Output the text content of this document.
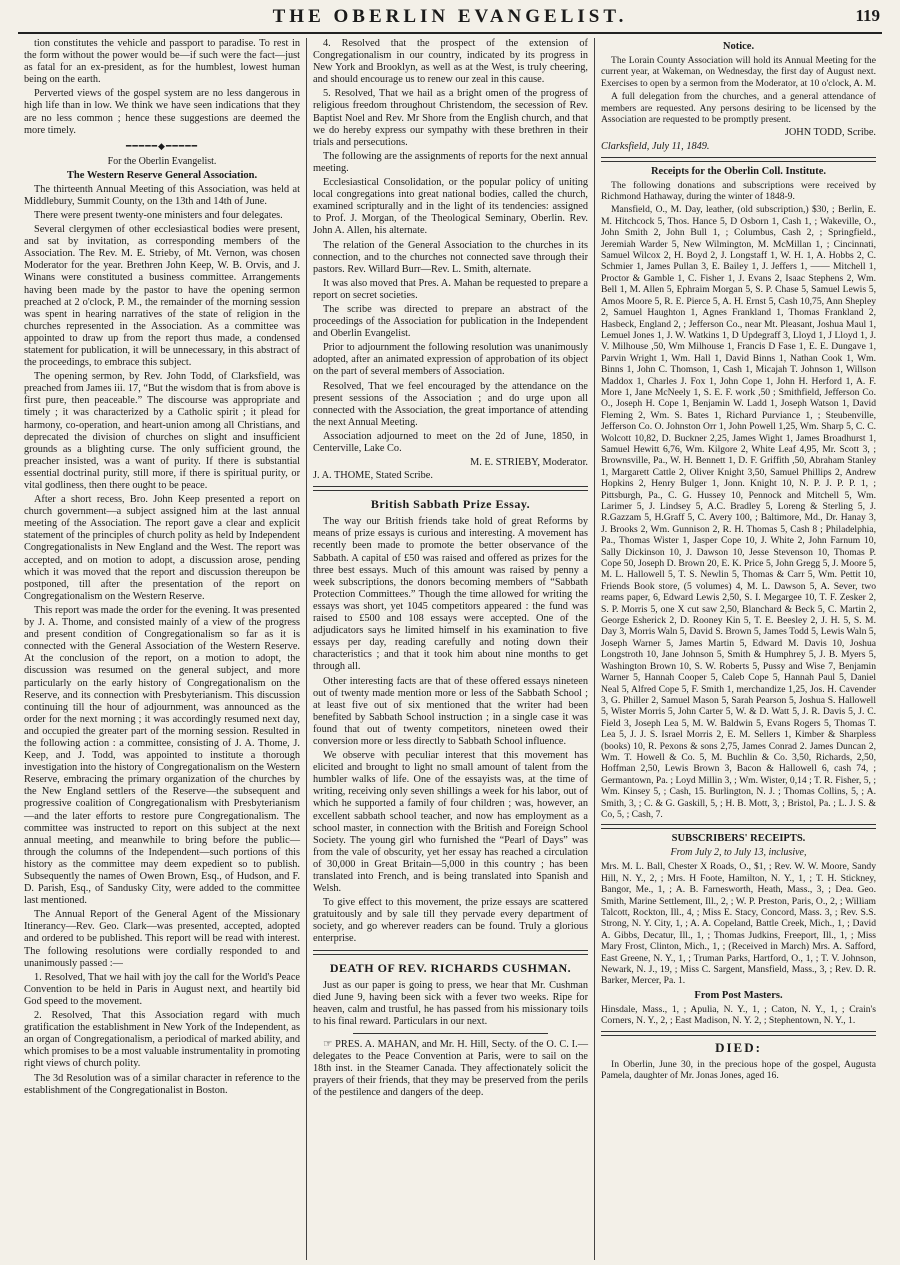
THE OBERLIN EVANGELIST.	119

tion constitutes the vehicle and passport to paradise. To rest in the form without the power would be—if such were the fact—just as fatal for an ex-president, as for the humblest, lowest human being on the earth.

Perverted views of the gospel system are no less dangerous in high life than in low. We think we have seen indications that they are no less common ; hence these suggestions are deemed the more timely.

━━━━━◆━━━━━
For the Oberlin Evangelist.
The Western Reserve General Association.

The thirteenth Annual Meeting of this Association, was held at Middlebury, Summit County, on the 13th and 14th of June.

There were present twenty-one ministers and four delegates.

Several clergymen of other ecclesiastical bodies were present, and sat by invitation, as corresponding members of the Association. The Rev. M. E. Strieby, of Mt. Vernon, was chosen Moderator for the year. Brethren John Keep, W. B. Orvis, and J. Winans were constituted a business committee. Arrangements having been made by the pastor to have the opening sermon preached at 2 o'clock, P. M., the remainder of the morning session was spent in hearing narratives of the state of religion in the churches represented in the Association. As a committee was appointed to draw up from the report thus made, a condensed statement for publication, it will be unnecessary, in this abstract of the proceedings, to embrace this subject.

The opening sermon, by Rev. John Todd, of Clarksfield, was preached from James iii. 17, “But the wisdom that is from above is first pure, then peaceable.” The discourse was appropriate and timely ; it was characterized by a Catholic spirit ; it plead for harmony, co-operation, and heart-union among all Christians, and deprecated the division of churches on slight and insufficient grounds as a blighting curse. The only sufficient ground, the preacher insisted, was a want of purity. If there is substantial essential doctrinal purity, still more, if there is spiritual purity, or vital godliness, then there ought to be peace.

After a short recess, Bro. John Keep presented a report on church government—a subject assigned him at the last annual meeting of the Association. The report gave a clear and explicit statement of the principles of church polity as held by Independent Congregationalists in New England and the West. The report was accepted, and on motion to adopt, a discussion arose, pending which it was moved that the report and discussion thereupon be postponed, till after the presentation of the report on Congregationalism on the Western Reserve.

This report was made the order for the evening. It was presented by J. A. Thome, and consisted mainly of a view of the progress and present condition of Congregationalism so far as it is connected with the General Association of the Western Reserve. At the conclusion of the report, on a motion to adopt, the discussion was resumed on the general subject, and more particularly on the early history of Congregationalism on the Reserve, and its connection with Presbyterianism. This discussion continuing till the hour of adjournment, was announced as the order for the next morning ; it was accordingly resumed next day, and occupied the greater part of the morning session. Resulted in the following action : a committee, consisting of J. A. Thome, J. Keep, and J. Todd, was appointed to institute a thorough investigation into the history of Congregationalism on the Western Reserve, embracing the primary organization of the churches by the New England settlers of the Reserve—the subsequent and progressive coalition of Congregationalism with Presbyterianism—and the later efforts to restore pure Congregationalism. The committee was instructed to report on this subject at the next annual meeting, and meanwhile to bring before the public—through the columns of the Independent—such portions of this history as the committee may deem expedient so to publish. Subsequently the names of Owen Brown, Esq., of Hudson, and F. D. Parish, Esq., of Sandusky City, were added to the committee last mentioned.

The Annual Report of the General Agent of the Missionary Itinerancy—Rev. Geo. Clark—was presented, accepted, adopted and ordered to be published. This report will be read with interest. The following resolutions were cordially responded to and unanimously passed :—

1. Resolved, That we hail with joy the call for the World's Peace Convention to be held in Paris in August next, and heartily bid God speed to the movement.

2. Resolved, That this Association regard with much gratification the establishment in New York of the Independent, as an organ of Congregationalism, a periodical of marked ability, and which promises to be a most valuable instrumentality in promoting right views of church polity.

The 3d Resolution was of a similar character in reference to the establishment of the Congregationalist in Boston.

4. Resolved that the prospect of the extension of Congregationalism in our country, indicated by its progress in New York and Brooklyn, as well as at the West, is truly cheering, and should encourage us to renew our zeal in this cause.

5. Resolved, That we hail as a bright omen of the progress of religious freedom throughout Christendom, the secession of Rev. Baptist Noel and Rev. Mr Shore from the English church, and that we do hereby express our sympathy with these brethren in their trials and persecutions.

The following are the assignments of reports for the next annual meeting.

Ecclesiastical Consolidation, or the popular policy of uniting local congregations into great national bodies, called the church, examined scripturally and in the light of its tendencies: assigned to Prof. J. Morgan, of the Theological Seminary, Oberlin. Rev. John A. Allen, his alternate.

The relation of the General Association to the churches in its connection, and to the churches not connected save through their pastors. Rev. Willard Burr—Rev. L. Smith, alternate.

It was also moved that Pres. A. Mahan be requested to prepare a report on secret societies.

The scribe was directed to prepare an abstract of the proceedings of the Association for publication in the Independent and Oberlin Evangelist.

Prior to adjournment the following resolution was unanimously adopted, after an animated expression of approbation of its object on the part of several members of Association.

Resolved, That we feel encouraged by the attendance on the present sessions of the Association ; and do urge upon all connected with the Association, the great importance of attending the next Annual Meeting.

Association adjourned to meet on the 2d of June, 1850, in Centerville, Lake Co.

M. E. STRIEBY, Moderator.
J. A. THOME, Stated Scribe.
British Sabbath Prize Essay.

The way our British friends take hold of great Reforms by means of prize essays is curious and interesting. A movement has recently been made to promote the better observance of the Sabbath. A capital of £50 was raised and offered as prizes for the three best essays. Much of this amount was raised by penny a week subscriptions, the donors becoming members of “Sabbath Protection Committees.” Though the time allowed for writing the essays was short, yet 1045 competitors appeared : the fund was raised to £500 and 108 essays were accepted. One of the adjudicators says he limited himself in his examination to five essays per day, reading carefully and noting down their characteristics ; and that it took him about nine months to get through all.

Other interesting facts are that of these offered essays nineteen out of twenty made mention more or less of the Sabbath School ; at least five out of six mentioned that the writer had been benefited by Sabbath School instruction ; in a single case it was found that out of twenty competitors, nineteen owed their conversion more or less directly to Sabbath School influence.

We observe with peculiar interest that this movement has elicited and brought to light no small amount of talent from the humbler walks of life. One of the essayists was, at the time of writing, receiving only seven shillings a week for his labor, out of which he supported a family of four children ; was, however, an excellent sabbath school teacher, and now has employment as a school master, in connection with the British and Foreign School Society. The young girl who furnished the “Pearl of Days” was from the vale of obscurity, yet her essay has reached a circulation of 30,000 in Great Britain—5,000 in this country ; has been translated into French, and is being translated into Spanish and Welsh.

To give effect to this movement, the prize essays are scattered gratuitously and by sale till they pervade every department of society, and go wherever readers can be found. Truly a glorious enterprise.

DEATH OF REV. RICHARDS CUSHMAN.

Just as our paper is going to press, we hear that Mr. Cushman died June 9, having been sick with a fever two weeks. Ripe for heaven, calm and trustful, he has passed from his missionary toils to his final reward. Particulars in our next.

☞ PRES. A. MAHAN, and Mr. H. Hill, Secty. of the O. C. I.—delegates to the Peace Convention at Paris, were to sail on the 18th inst. in the Steamer Canada. They affectionately solicit the prayers of their friends, that they may be preserved from the perils of the pestilence and dangers of the deep.

Notice.

The Lorain County Association will hold its Annual Meeting for the current year, at Wakeman, on Wednesday, the first day of August next. Exercises to open by a sermon from the Moderator, at 10 o'clock, A. M.

A full delegation from the churches, and a general attendance of members are requested. Any persons desiring to be licensed by the Association are requested to be promptly present.

JOHN TODD, Scribe.
Clarksfield, July 11, 1849.
Receipts for the Oberlin Coll. Institute.

The following donations and subscriptions were received by Richmond Hathaway, during the winter of 1848-9.

Mansfield, O., M. Day, leather, (old subscription,) $30, ; Berlin, E. M. Hitchcock 5, Thos. Hance 5, D Osborn 1, Cash 1, ; Wakeville, O., John Smith 2, John Bull 1, ; Columbus, Cash 2, ; Springfield., Jeremiah Warder 5, New Wilmington, M. McMillan 1, ; Cincinnati, Samuel Wilcox 2, H. Boyd 2, J. Longstaff 1, W. H. 1, A. Hobbs 2, C. Schmier 1, James Pullan 3, E. Bailey 1, J. Jeffers 1, —— Mitchell 1, Proctor & Gamble 1, C. Fisher 1, J. Evans 2, Isaac Stephens 2, Wm. Bell 1, M. Allen 5, Ephraim Morgan 5, S. P. Chase 5, Samuel Lewis 5, Amos Moore 5, R. E. Pierce 5, A. H. Ernst 5, Cash 10,75, Ann Shepley 2, Samuel Haughton 1, Agnes Frankland 1, Thomas Frankland 2, Hasbeck, England 2, ; Jefferson Co., near Mt. Pleasant, Joshua Maul 1, Lemuel Jones 1, J. W. Watkins 1, D Updegraff 3, Lloyd 1, J Lloyd 1, J. V. Milhouse ,50, Wm Milhouse 1, Francis D Fase 1, E. E. Dungave 1, Parvin Wright 1, Wm. Hall 1, David Binns 1, Nathan Cook 1, Wm. Binns 1, John C. Thomson, 1, Cash 1, Micajah T. Johnson 1, Willson Maddox 1, Charles J. Fox 1, John Cope 1, John H. Herford 1, A. F. More 1, Jane McNeely 1, S. E. F. work ,50 ; Smithfield, Jefferson Co. O., Joseph H. Cope 1, Benjamin W. Ladd 1, Joseph Watson 1, David Fleming 2, Wm. S. Bates 1, Richard Purviance 1, ; Steubenville, Jefferson Co. O. Johnston Orr 1, John Powell 1,25, Wm. Sharp 5, C. C. Wolcott 10,82, D. Buckner 2,25, James Wight 1, James Broadhurst 1, Samuel Hewitt 6,76, Wm. Kilgore 2, White Leaf 4,95, Mr. Scott 3, ; Brownsville, Pa., W. H. Bennett 1, D. F. Griffith ,50, Abraham Stanley 1, Margarett Cattle 2, Oliver Knight 3,50, Samuel Phillips 2, Andrew Hopkins 2, Henry Bulger 1, Jonn. Knight 10, N. P. J. P. P. 1, ; Pittsburgh, Pa., C. G. Hussey 10, Pennock and Mitchell 5, Wm. Larimer 5, J. Lindsey 5, A.C. Bradley 5, Loreng & Sterling 5, J. R.Gazzam 5, H.Graff 5, C. Avery 100, ; Baltimore, Md., Dr. Hanay 3, J. Brooks 2, Wm. Gunnison 2, R. H. Thomas 5, Cash 8 ; Philadelphia, Pa., Thomas Wister 1, Jasper Cope 10, J. White 2, John Farnum 10, Sally Dickinson 10, J. Dawson 10, Jesse Stevenson 10, Thomas P. Cope 50, Joseph D. Brown 20, E. K. Price 5, John Gregg 5, J. Moore 5, M. L. Hallowell 5, T. S. Newlin 5, Thomas & Carr 5, Wm. Pettit 10, Friends Book store, (5 volumes) 4, M. L. Dawson 5, A. Sever, two reams paper, 6, Edward Lewis 2,50, S. I. Megargee 10, T. F. Zesker 2, S. P. Morris 5, one X cut saw 2,50, Blanchard & Beck 5, C. Martin 2, George Esherick 2, D. Rooney Kin 5, T. E. Beesley 2, J. H. 5, S. M. Day 3, Morris Waln 5, David S. Brown 5, James Todd 5, Lewis Waln 5, Joseph Warner 5, James Martin 5, Edward M. Davis 10, Joshua Longstroth 10, Jane Johnson 5, Smith & Humphrey 5, J. B. Myers 5, Washington Brown 10, S. W. Roberts 5, Pussy and Wise 7, Benjamin Warner 5, Hannah Cooper 5, Caleb Cope 5, Hannah Paul 5, Daniel Neal 5, Alfred Cope 5, F. Smith 1, merchandize 1,25, Jos. H. Cavender 3, G. Philler 2, Samuel Mason 5, Sarah Pearson 5, Joshua S. Hallowell 5, Wister Morris 5, John Carter 5, W. & D. Watt 5, J. R. Davis 5, J. C. Field 3, Joseph Lea 5, M. W. Baldwin 5, Evans Rogers 5, Thomas T. Lea 5, J. J. S. Israel Morris 2, E. M. Sellers 1, Kimber & Sharpless (books) 10, R. Pexons & sons 2,75, James Conrad 2. James Duncan 2, Wm. T. Howell & Co. 5, M. Buchlin & Co. 3,50, Richards, 2,50, Hoffman 2,50, Lewis Brown 3, Bacon & Hallowell 6, cash 74, ; Germantown, Pa. ; Loyd Millin 3, ; Wm. Wister, 0,14 ; T. R. Fisher, 5, ; Wm. Kinsey 5, ; Cash, 15. Burlington, N. J. ; Thomas Collins, 5, ; A. Smith, 3, ; C. & G. Gaskill, 5, ; H. B. Mott, 3, ; Bristol, Pa. ; L. J. S. & Co, 5, ; Cash, 7.

SUBSCRIBERS' RECEIPTS.
From July 2, to July 13, inclusive,

Mrs. M. L. Ball, Chester X Roads, O., $1, ; Rev. W. W. Moore, Sandy Hill, N. Y., 2, ; Mrs. H Foote, Hamilton, N. Y., 1, ; T. H. Stickney, Bangor, Me., 1, ; A. B. Farnesworth, Heath, Mass., 3, ; Dea. Geo. Smith, Marine Settlement, Ill., 2, ; W. P. Preston, Paris, O., 2, ; William Talcott, Rockton, Ill., 4, ; Miss E. Stacy, Concord, Mass. 3, ; Rev. S.S. Strong, N. Y. City, 1, ; A. A. Copeland, Battle Creek, Mich., 1, ; David A. Gibbs, Decatur, Ill., 1, ; Thomas Judkins, Freeport, Ill., 1, ; Miss Mary Frost, Clinton, Mich., 1, ; (Received in March) Mrs. A. Safford, East Greene, N. Y., 1, ; Truman Parks, Hartford, O., 1, ; T. V. Johnson, Newark, N. J., 19, ; Miss C. Sargent, Mansfield, Mass., 3, ; Rev. D. R. Barker, Mercer, Pa. 1.

From Post Masters.

Hinsdale, Mass., 1, ; Apulia, N. Y., 1, ; Caton, N. Y., 1, ; Crain's Corners, N. Y., 2, ; East Madison, N. Y. 2, ; Stephentown, N. Y., 1.

DIED:

In Oberlin, June 30, in the precious hope of the gospel, Augusta Pamela, daughter of Mr. Jonas Jones, aged 16.
